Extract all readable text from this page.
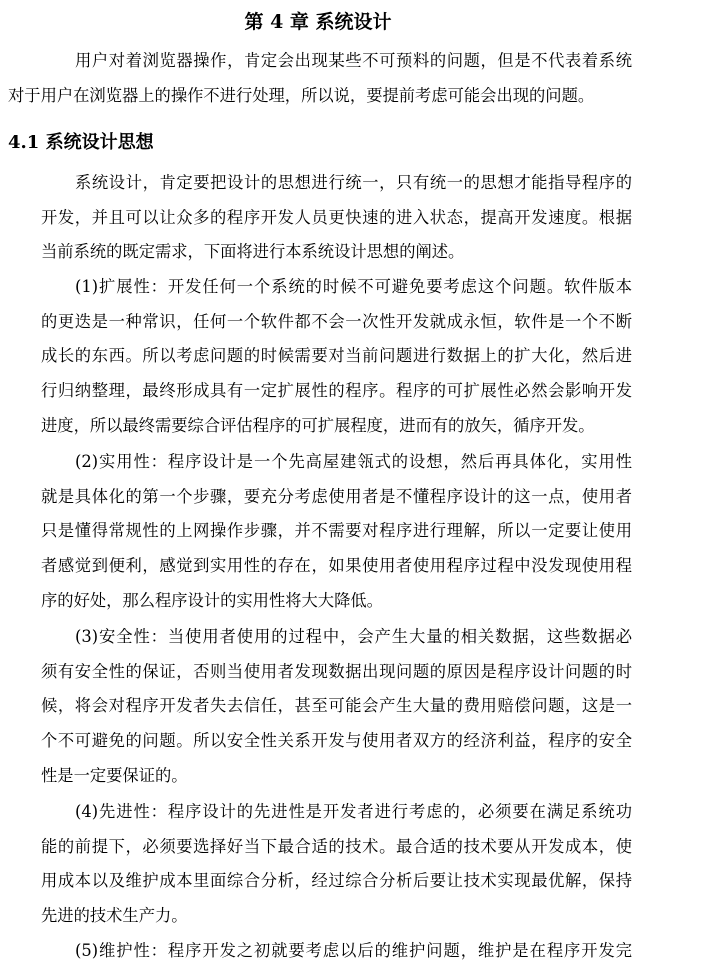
第 4 章 系统设计
用户对着浏览器操作，肯定会出现某些不可预料的问题，但是不代表着系统
对于用户在浏览器上的操作不进行处理，所以说，要提前考虑可能会出现的问题。
4.1 系统设计思想
系统设计，肯定要把设计的思想进行统一，只有统一的思想才能指导程序的
开发，并且可以让众多的程序开发人员更快速的进入状态，提高开发速度。根据
当前系统的既定需求，下面将进行本系统设计思想的阐述。
(1)扩展性：开发任何一个系统的时候不可避免要考虑这个问题。软件版本
的更迭是一种常识，任何一个软件都不会一次性开发就成永恒，软件是一个不断
成长的东西。所以考虑问题的时候需要对当前问题进行数据上的扩大化，然后进
行归纳整理，最终形成具有一定扩展性的程序。程序的可扩展性必然会影响开发
进度，所以最终需要综合评估程序的可扩展程度，进而有的放矢，循序开发。
(2)实用性：程序设计是一个先高屋建瓴式的设想，然后再具体化，实用性
就是具体化的第一个步骤，要充分考虑使用者是不懂程序设计的这一点，使用者
只是懂得常规性的上网操作步骤，并不需要对程序进行理解，所以一定要让使用
者感觉到便利，感觉到实用性的存在，如果使用者使用程序过程中没发现使用程
序的好处，那么程序设计的实用性将大大降低。
(3)安全性：当使用者使用的过程中，会产生大量的相关数据，这些数据必
须有安全性的保证，否则当使用者发现数据出现问题的原因是程序设计问题的时
候，将会对程序开发者失去信任，甚至可能会产生大量的费用赔偿问题，这是一
个不可避免的问题。所以安全性关系开发与使用者双方的经济利益，程序的安全
性是一定要保证的。
(4)先进性：程序设计的先进性是开发者进行考虑的，必须要在满足系统功
能的前提下，必须要选择好当下最合适的技术。最合适的技术要从开发成本，使
用成本以及维护成本里面综合分析，经过综合分析后要让技术实现最优解，保持
先进的技术生产力。
(5)维护性：程序开发之初就要考虑以后的维护问题，维护是在程序开发完
